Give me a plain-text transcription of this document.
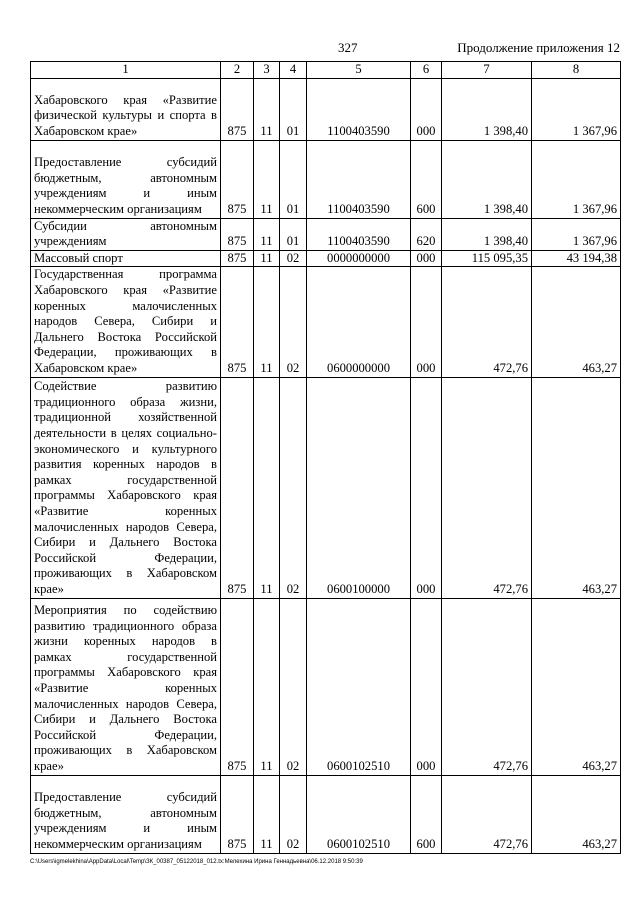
327	Продолжение приложения 12
1	2	3	4	5	6	7	8
Хабаровского края «Развитие физической культуры и спорта в Хабаровском крае»	875	11	01	1100403590	000	1 398,40	1 367,96
Предоставление субсидий бюджетным, автономным учреждениям и иным некоммерческим организациям	875	11	01	1100403590	600	1 398,40	1 367,96
Субсидии автономным учреждениям	875	11	01	1100403590	620	1 398,40	1 367,96
Массовый спорт	875	11	02	0000000000	000	115 095,35	43 194,38
Государственная программа Хабаровского края «Развитие коренных малочисленных народов Севера, Сибири и Дальнего Востока Российской Федерации, проживающих в Хабаровском крае»	875	11	02	0600000000	000	472,76	463,27
Содействие развитию традиционного образа жизни, традиционной хозяйственной деятельности в целях социально-экономического и культурного развития коренных народов в рамках государственной программы Хабаровского края «Развитие коренных малочисленных народов Севера, Сибири и Дальнего Востока Российской Федерации, проживающих в Хабаровском крае»	875	11	02	0600100000	000	472,76	463,27
Мероприятия по содействию развитию традиционного образа жизни коренных народов в рамках государственной программы Хабаровского края «Развитие коренных малочисленных народов Севера, Сибири и Дальнего Востока Российской Федерации, проживающих в Хабаровском крае»	875	11	02	0600102510	000	472,76	463,27
Предоставление субсидий бюджетным, автономным учреждениям и иным некоммерческим организациям	875	11	02	0600102510	600	472,76	463,27
C:\Users\igmelekhina\AppData\Local\Temp\ЗК_00387_05122018_012.tx:Мелехина Ирина Геннадьевна\06.12.2018 9:50:39
